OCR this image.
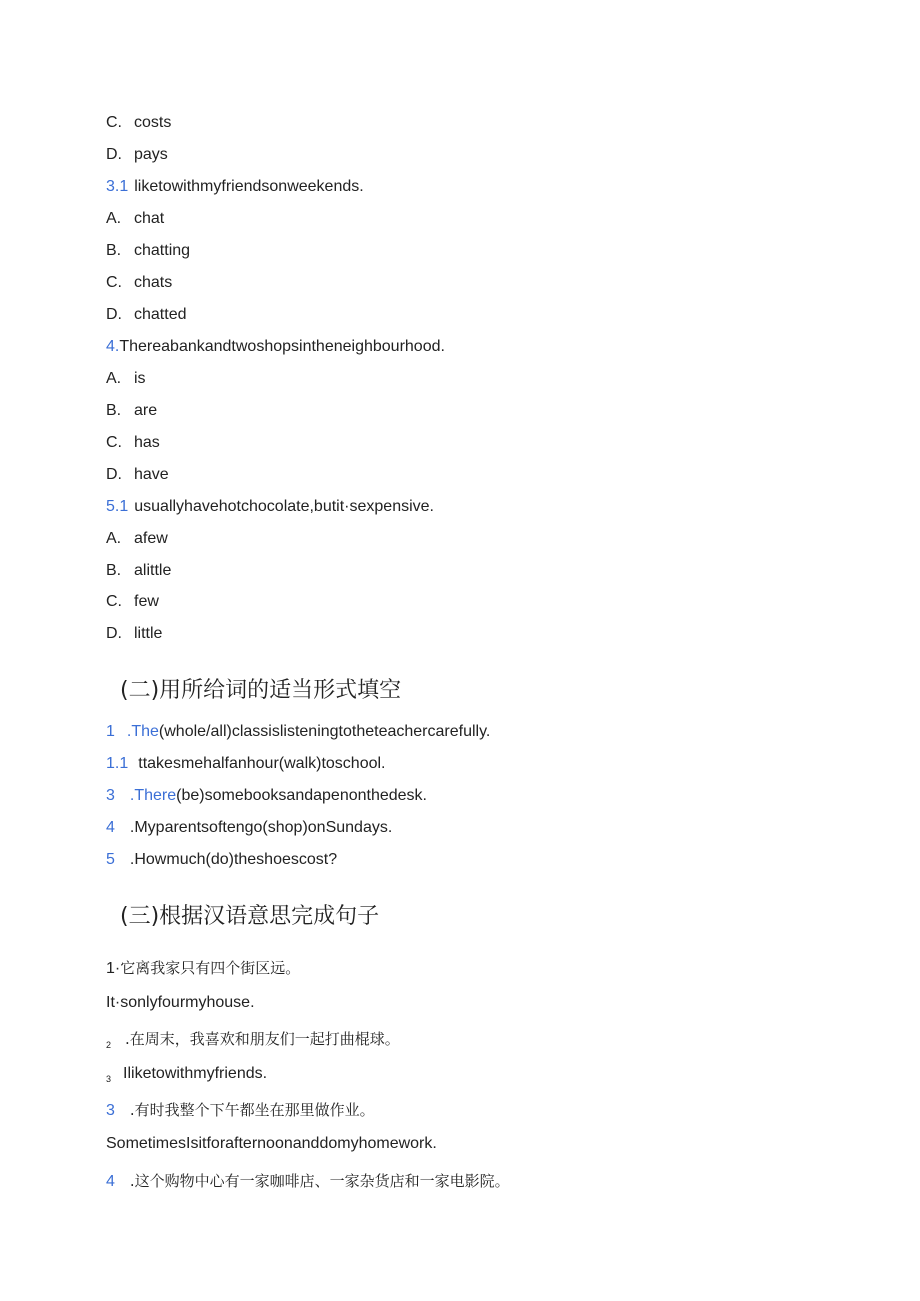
C. costs
D. pays
3.1 liketowithmyfriendsonweekends.
A. chat
B. chatting
C. chats
D. chatted
4.Thereabankandtwoshopsintheneighbourhood.
A. is
B. are
C. has
D. have
5.1 usuallyhavehotchocolate,butit·sexpensive.
A. afew
B. alittle
C. few
D. little
(二)用所给词的适当形式填空
1 .The(whole/all)classislisteningtotheteachercarefully.
1.1 ttakesmehalfanhour(walk)toschool.
3 .There(be)somebooksandapenonthedesk.
4 .Myparentsoftengo(shop)onSundays.
5 .Howmuch(do)theshoescost?
(三)根据汉语意思完成句子
1·它离我家只有四个街区远。
It·sonlyfourmyhouse.
$_2$ .在周末，我喜欢和朋友们一起打曲棍球。
$_3$ Iliketowithmyfriends.
3 .有时我整个下午都坐在那里做作业。
SometimesIsitforafternoonanddomyhomework.
4 .这个购物中心有一家咖啡店、一家杂货店和一家电影院。
